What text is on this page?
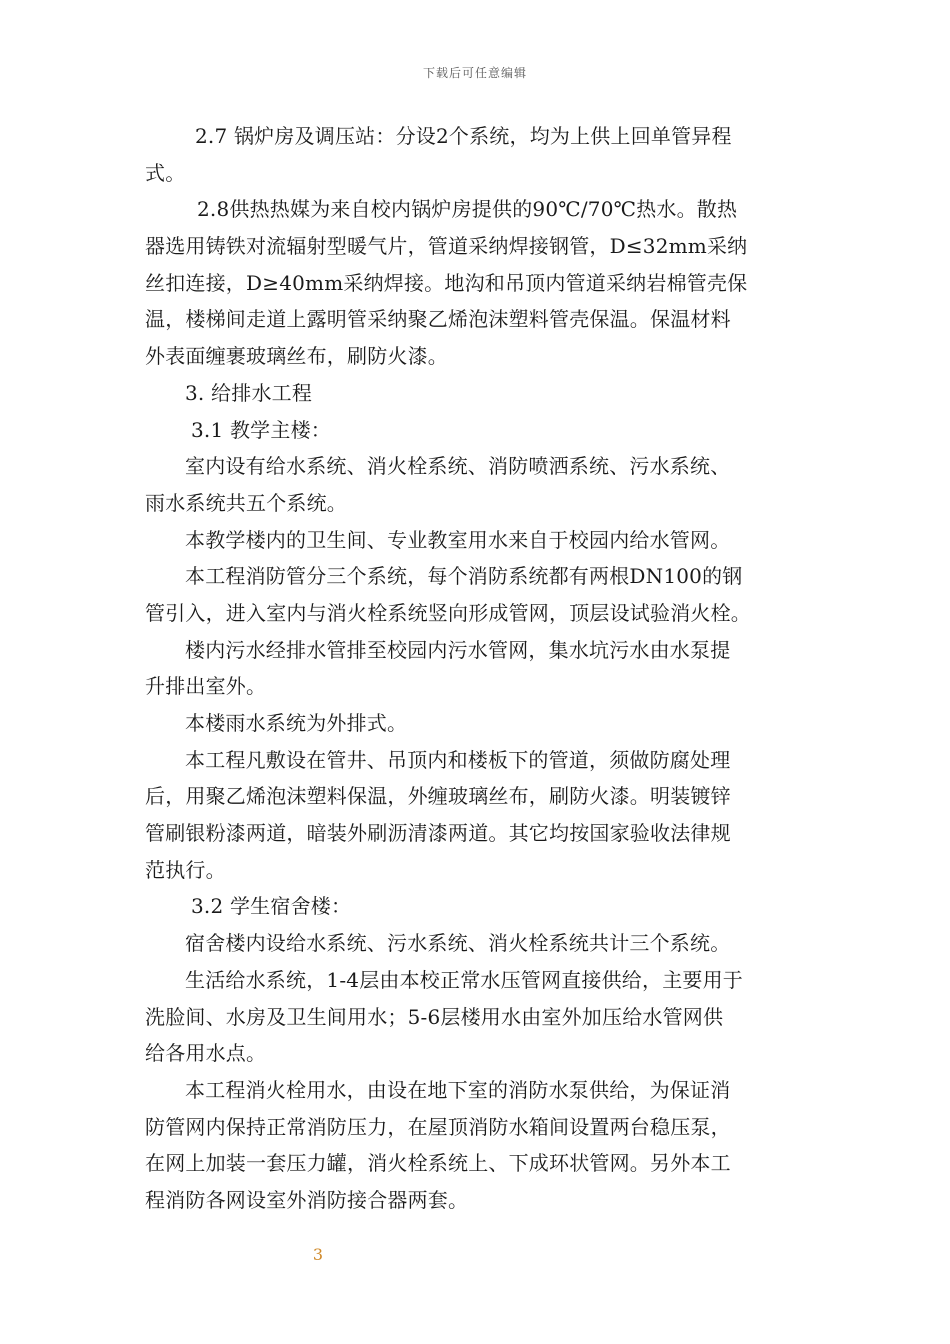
下载后可任意编辑
2.7 锅炉房及调压站：分设2个系统，均为上供上回单管异程
式。
2.8供热热媒为来自校内锅炉房提供的90℃/70℃热水。散热
器选用铸铁对流辐射型暖气片，管道采纳焊接钢管，D≤32mm采纳
丝扣连接，D≥40mm采纳焊接。地沟和吊顶内管道采纳岩棉管壳保
温，楼梯间走道上露明管采纳聚乙烯泡沫塑料管壳保温。保温材料
外表面缠裹玻璃丝布，刷防火漆。
3. 给排水工程
3.1 教学主楼：
室内设有给水系统、消火栓系统、消防喷洒系统、污水系统、
雨水系统共五个系统。
本教学楼内的卫生间、专业教室用水来自于校园内给水管网。
本工程消防管分三个系统，每个消防系统都有两根DN100的钢
管引入，进入室内与消火栓系统竖向形成管网，顶层设试验消火栓。
楼内污水经排水管排至校园内污水管网，集水坑污水由水泵提
升排出室外。
本楼雨水系统为外排式。
本工程凡敷设在管井、吊顶内和楼板下的管道，须做防腐处理
后，用聚乙烯泡沫塑料保温，外缠玻璃丝布，刷防火漆。明装镀锌
管刷银粉漆两道，暗装外刷沥清漆两道。其它均按国家验收法律规
范执行。
3.2 学生宿舍楼：
宿舍楼内设给水系统、污水系统、消火栓系统共计三个系统。
生活给水系统，1-4层由本校正常水压管网直接供给，主要用于
洗脸间、水房及卫生间用水；5-6层楼用水由室外加压给水管网供
给各用水点。
本工程消火栓用水，由设在地下室的消防水泵供给，为保证消
防管网内保持正常消防压力，在屋顶消防水箱间设置两台稳压泵，
在网上加装一套压力罐，消火栓系统上、下成环状管网。另外本工
程消防各网设室外消防接合器两套。
3
